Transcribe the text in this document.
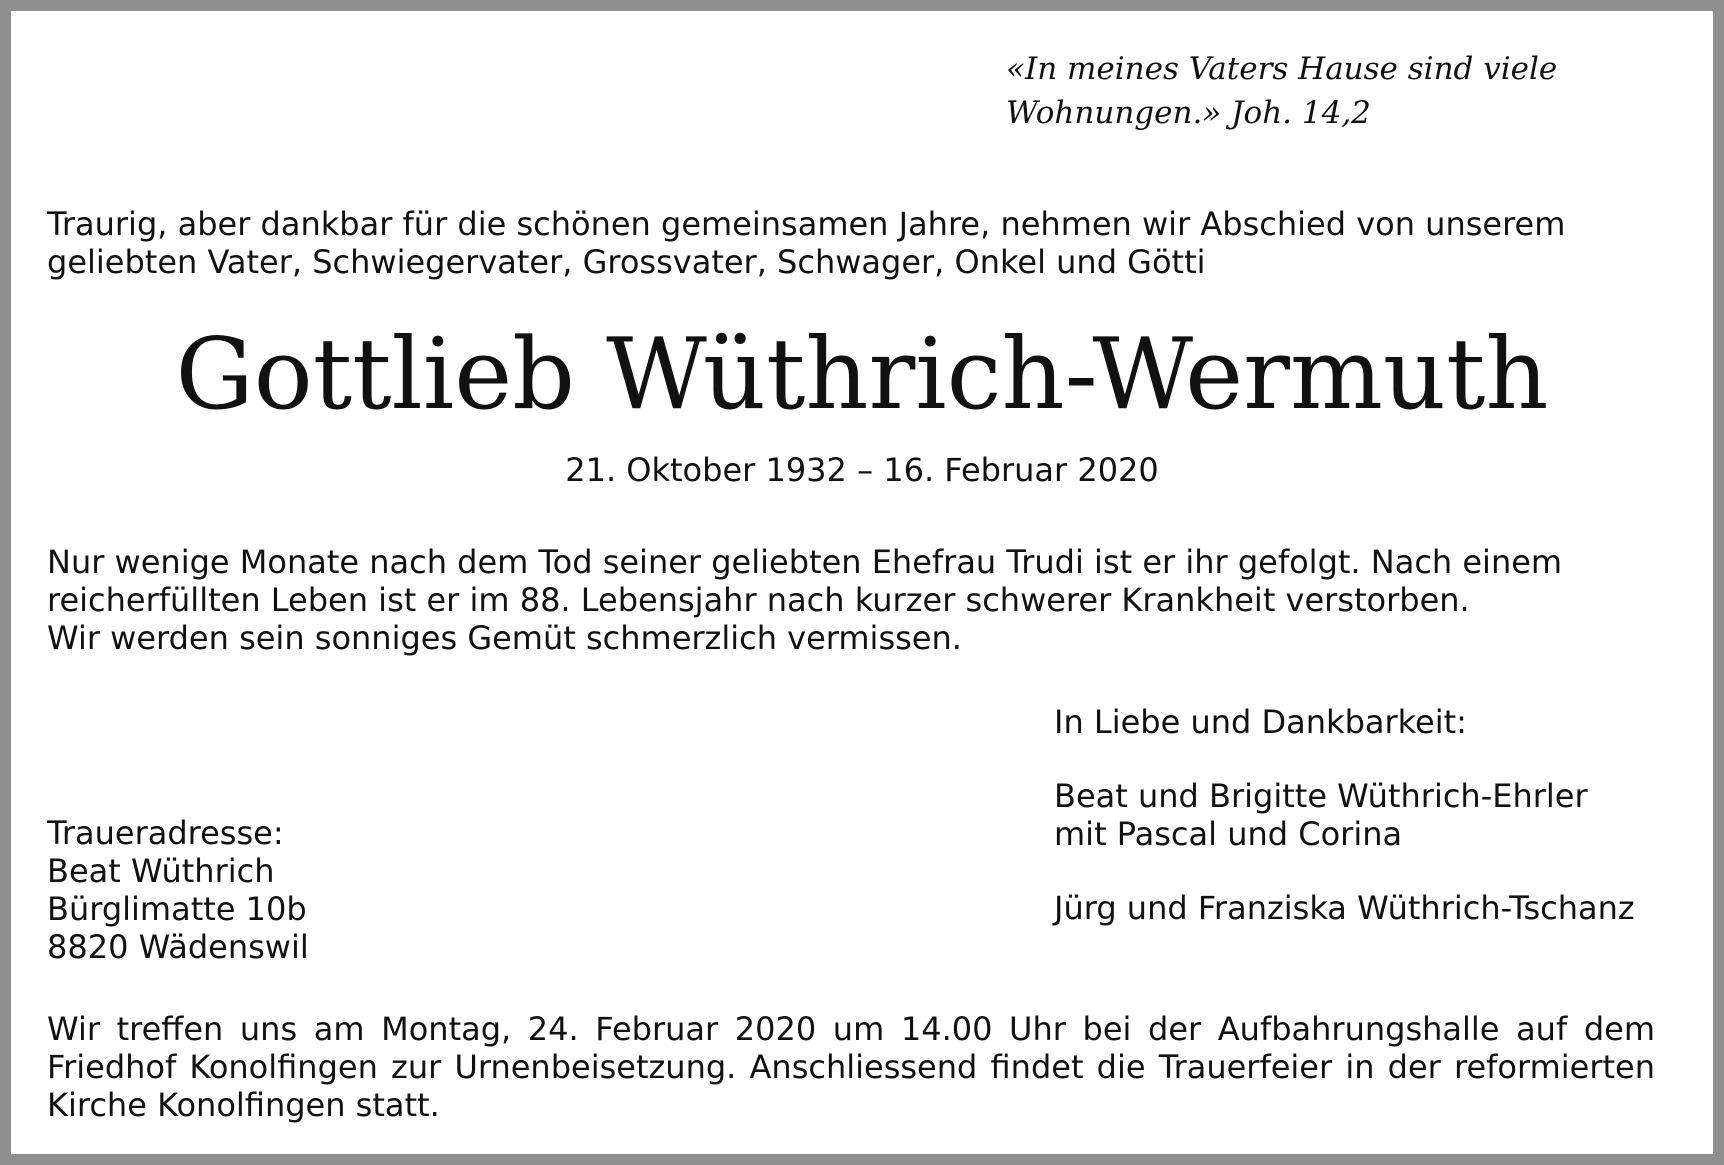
«In meines Vaters Hause sind viele
Wohnungen.» Joh. 14,2
Traurig, aber dankbar für die schönen gemeinsamen Jahre, nehmen wir Abschied von unserem
geliebten Vater, Schwiegervater, Grossvater, Schwager, Onkel und Götti
Gottlieb Wüthrich-Wermuth
21. Oktober 1932 – 16. Februar 2020
Nur wenige Monate nach dem Tod seiner geliebten Ehefrau Trudi ist er ihr gefolgt. Nach einem
reicherfüllten Leben ist er im 88. Lebensjahr nach kurzer schwerer Krankheit verstorben.
Wir werden sein sonniges Gemüt schmerzlich vermissen.
In Liebe und Dankbarkeit:
Beat und Brigitte Wüthrich-Ehrler
mit Pascal und Corina
Jürg und Franziska Wüthrich-Tschanz
Traueradresse:
Beat Wüthrich
Bürglimatte 10b
8820 Wädenswil
Wir treffen uns am Montag, 24. Februar 2020 um 14.00 Uhr bei der Aufbahrungshalle auf dem
Friedhof Konolfingen zur Urnenbeisetzung. Anschliessend findet die Trauerfeier in der reformierten
Kirche Konolfingen statt.
